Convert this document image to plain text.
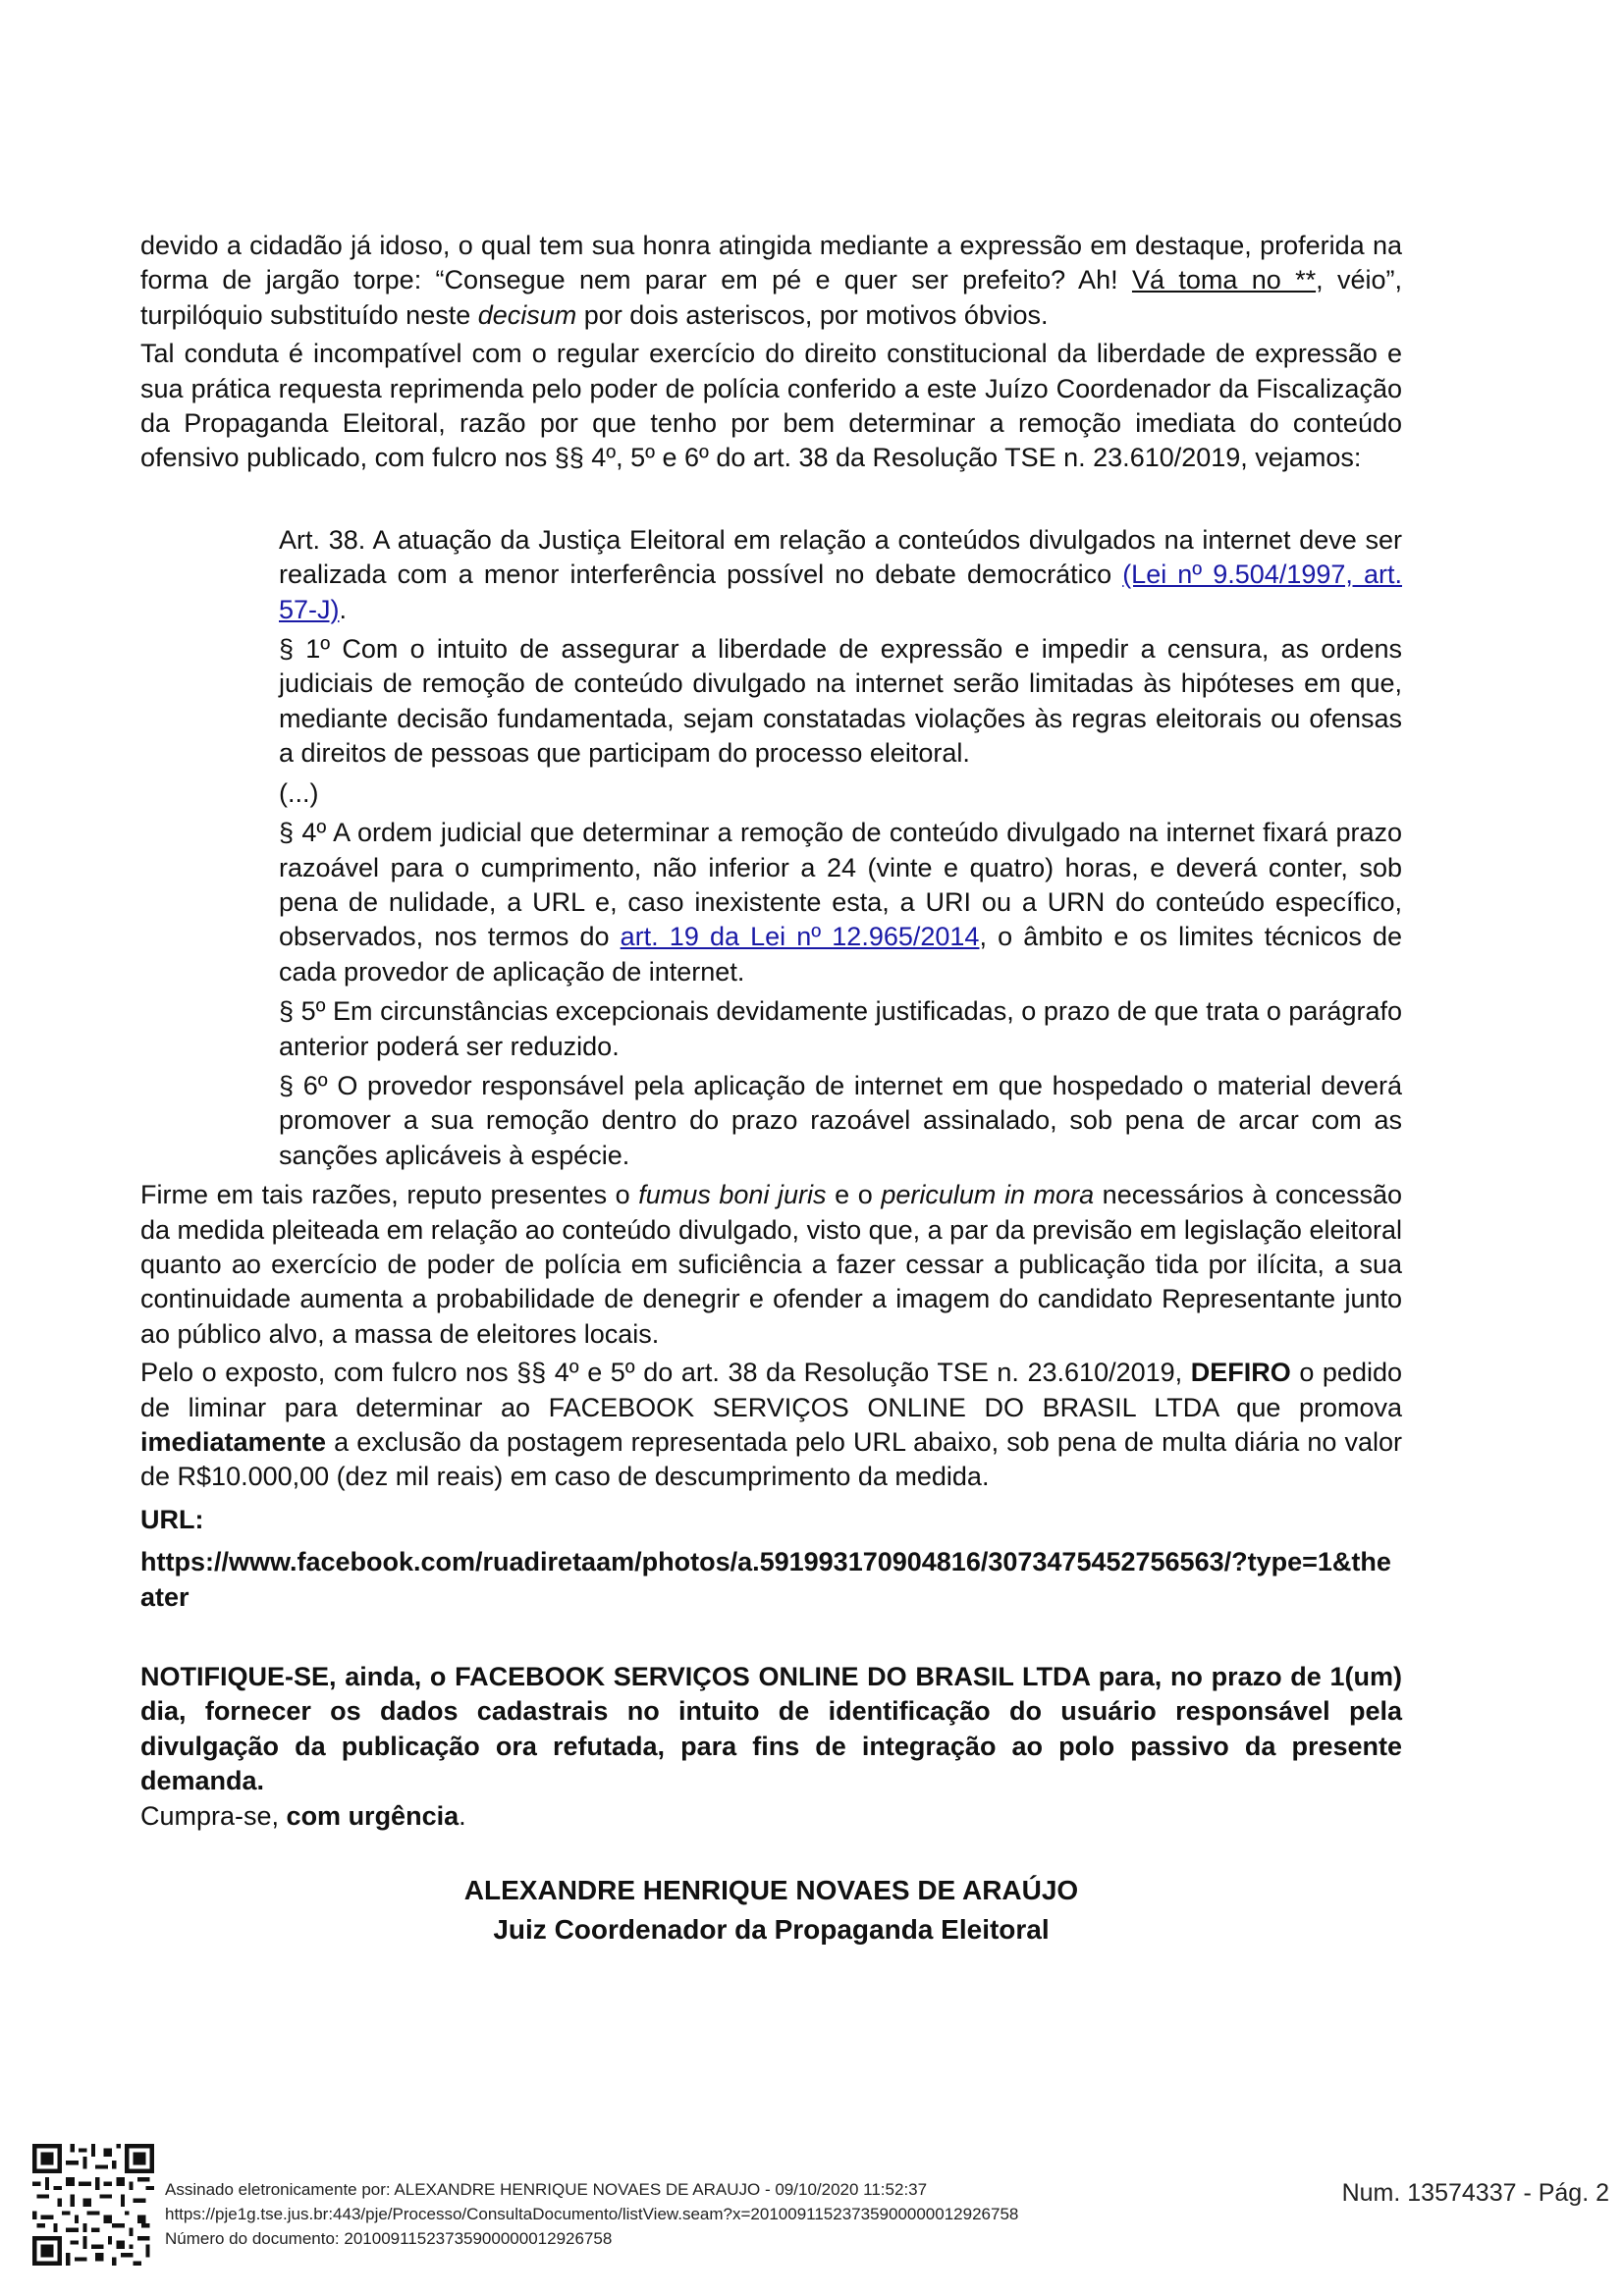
devido a cidadão já idoso, o qual tem sua honra atingida mediante a expressão em destaque, proferida na forma de jargão torpe: “Consegue nem parar em pé e quer ser prefeito? Ah! Vá toma no **, véio”, turpilóquio substituído neste decisum por dois asteriscos, por motivos óbvios.

Tal conduta é incompatível com o regular exercício do direito constitucional da liberdade de expressão e sua prática requesta reprimenda pelo poder de polícia conferido a este Juízo Coordenador da Fiscalização da Propaganda Eleitoral, razão por que tenho por bem determinar a remoção imediata do conteúdo ofensivo publicado, com fulcro nos §§ 4º, 5º e 6º do art. 38 da Resolução TSE n. 23.610/2019, vejamos:

Art. 38. A atuação da Justiça Eleitoral em relação a conteúdos divulgados na internet deve ser realizada com a menor interferência possível no debate democrático (Lei nº 9.504/1997, art. 57-J).

§ 1º Com o intuito de assegurar a liberdade de expressão e impedir a censura, as ordens judiciais de remoção de conteúdo divulgado na internet serão limitadas às hipóteses em que, mediante decisão fundamentada, sejam constatadas violações às regras eleitorais ou ofensas a direitos de pessoas que participam do processo eleitoral.

(...)

§ 4º A ordem judicial que determinar a remoção de conteúdo divulgado na internet fixará prazo razoável para o cumprimento, não inferior a 24 (vinte e quatro) horas, e deverá conter, sob pena de nulidade, a URL e, caso inexistente esta, a URI ou a URN do conteúdo específico, observados, nos termos do art. 19 da Lei nº 12.965/2014, o âmbito e os limites técnicos de cada provedor de aplicação de internet.

§ 5º Em circunstâncias excepcionais devidamente justificadas, o prazo de que trata o parágrafo anterior poderá ser reduzido.

§ 6º O provedor responsável pela aplicação de internet em que hospedado o material deverá promover a sua remoção dentro do prazo razoável assinalado, sob pena de arcar com as sanções aplicáveis à espécie.

Firme em tais razões, reputo presentes o fumus boni juris e o periculum in mora necessários à concessão da medida pleiteada em relação ao conteúdo divulgado, visto que, a par da previsão em legislação eleitoral quanto ao exercício de poder de polícia em suficiência a fazer cessar a publicação tida por ilícita, a sua continuidade aumenta a probabilidade de denegrir e ofender a imagem do candidato Representante junto ao público alvo, a massa de eleitores locais.

Pelo o exposto, com fulcro nos §§ 4º e 5º do art. 38 da Resolução TSE n. 23.610/2019, DEFIRO o pedido de liminar para determinar ao FACEBOOK SERVIÇOS ONLINE DO BRASIL LTDA que promova imediatamente a exclusão da postagem representada pelo URL abaixo, sob pena de multa diária no valor de R$10.000,00 (dez mil reais) em caso de descumprimento da medida.

URL:

https://www.facebook.com/ruadiretaam/photos/a.591993170904816/3073475452756563/?type=1&theater

NOTIFIQUE-SE, ainda, o FACEBOOK SERVIÇOS ONLINE DO BRASIL LTDA para, no prazo de 1(um) dia, fornecer os dados cadastrais no intuito de identificação do usuário responsável pela divulgação da publicação ora refutada, para fins de integração ao polo passivo da presente demanda.

Cumpra-se, com urgência.

ALEXANDRE HENRIQUE NOVAES DE ARAÚJO
Juiz Coordenador da Propaganda Eleitoral
Assinado eletronicamente por: ALEXANDRE HENRIQUE NOVAES DE ARAUJO - 09/10/2020 11:52:37
https://pje1g.tse.jus.br:443/pje/Processo/ConsultaDocumento/listView.seam?x=20100911523735900000012926758
Número do documento: 20100911523735900000012926758
Num. 13574337 - Pág. 2
